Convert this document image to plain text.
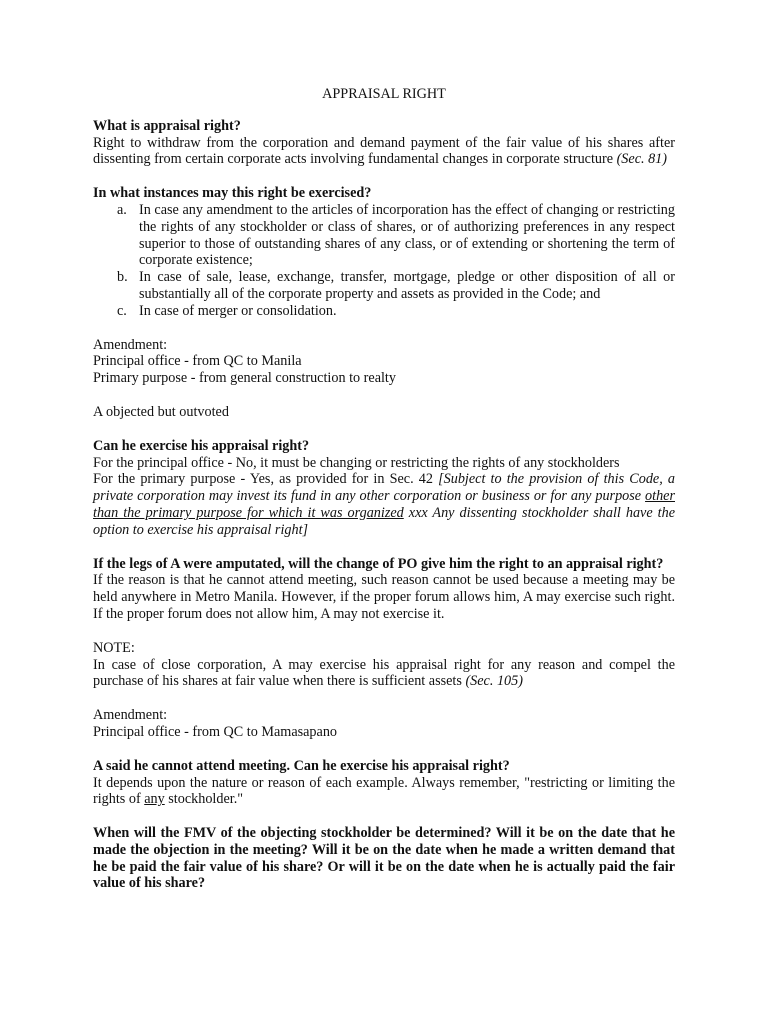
APPRAISAL RIGHT

What is appraisal right?

Right to withdraw from the corporation and demand payment of the fair value of his shares after dissenting from certain corporate acts involving fundamental changes in corporate structure (Sec. 81)

In what instances may this right be exercised?

a. In case any amendment to the articles of incorporation has the effect of changing or restricting the rights of any stockholder or class of shares, or of authorizing preferences in any respect superior to those of outstanding shares of any class, or of extending or shortening the term of corporate existence;
b. In case of sale, lease, exchange, transfer, mortgage, pledge or other disposition of all or substantially all of the corporate property and assets as provided in the Code; and
c. In case of merger or consolidation.

Amendment:

Principal office - from QC to Manila

Primary purpose - from general construction to realty

A objected but outvoted

Can he exercise his appraisal right?

For the principal office - No, it must be changing or restricting the rights of any stockholders

For the primary purpose - Yes, as provided for in Sec. 42 [Subject to the provision of this Code, a private corporation may invest its fund in any other corporation or business or for any purpose other than the primary purpose for which it was organized xxx Any dissenting stockholder shall have the option to exercise his appraisal right]

If the legs of A were amputated, will the change of PO give him the right to an appraisal right?

If the reason is that he cannot attend meeting, such reason cannot be used because a meeting may be held anywhere in Metro Manila. However, if the proper forum allows him, A may exercise such right. If the proper forum does not allow him, A may not exercise it.

NOTE:

In case of close corporation, A may exercise his appraisal right for any reason and compel the purchase of his shares at fair value when there is sufficient assets (Sec. 105)

Amendment:

Principal office - from QC to Mamasapano

A said he cannot attend meeting. Can he exercise his appraisal right?

It depends upon the nature or reason of each example. Always remember, "restricting or limiting the rights of any stockholder."

When will the FMV of the objecting stockholder be determined? Will it be on the date that he made the objection in the meeting? Will it be on the date when he made a written demand that he be paid the fair value of his share? Or will it be on the date when he is actually paid the fair value of his share?
